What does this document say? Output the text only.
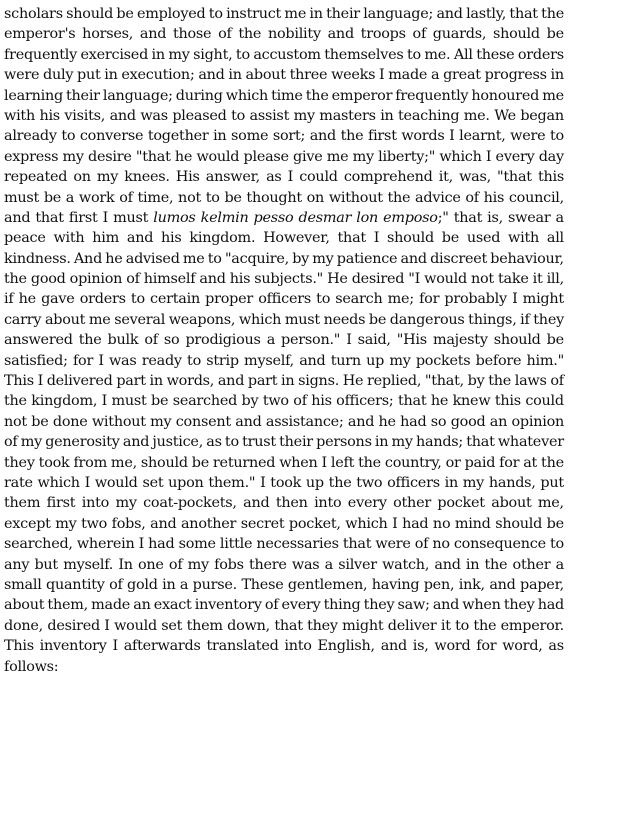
scholars should be employed to instruct me in their language; and lastly, that the
emperor's horses, and those of the nobility and troops of guards, should be
frequently exercised in my sight, to accustom themselves to me. All these orders
were duly put in execution; and in about three weeks I made a great progress in
learning their language; during which time the emperor frequently honoured me
with his visits, and was pleased to assist my masters in teaching me. We began
already to converse together in some sort; and the first words I learnt, were to
express my desire "that he would please give me my liberty;" which I every day
repeated on my knees. His answer, as I could comprehend it, was, "that this
must be a work of time, not to be thought on without the advice of his council,
and that first I must lumos kelmin pesso desmar lon emposo;" that is, swear a
peace with him and his kingdom. However, that I should be used with all
kindness. And he advised me to "acquire, by my patience and discreet behaviour,
the good opinion of himself and his subjects." He desired "I would not take it ill,
if he gave orders to certain proper officers to search me; for probably I might
carry about me several weapons, which must needs be dangerous things, if they
answered the bulk of so prodigious a person." I said, "His majesty should be
satisfied; for I was ready to strip myself, and turn up my pockets before him."
This I delivered part in words, and part in signs. He replied, "that, by the laws of
the kingdom, I must be searched by two of his officers; that he knew this could
not be done without my consent and assistance; and he had so good an opinion
of my generosity and justice, as to trust their persons in my hands; that whatever
they took from me, should be returned when I left the country, or paid for at the
rate which I would set upon them." I took up the two officers in my hands, put
them first into my coat-pockets, and then into every other pocket about me,
except my two fobs, and another secret pocket, which I had no mind should be
searched, wherein I had some little necessaries that were of no consequence to
any but myself. In one of my fobs there was a silver watch, and in the other a
small quantity of gold in a purse. These gentlemen, having pen, ink, and paper,
about them, made an exact inventory of every thing they saw; and when they had
done, desired I would set them down, that they might deliver it to the emperor.
This inventory I afterwards translated into English, and is, word for word, as
follows:
